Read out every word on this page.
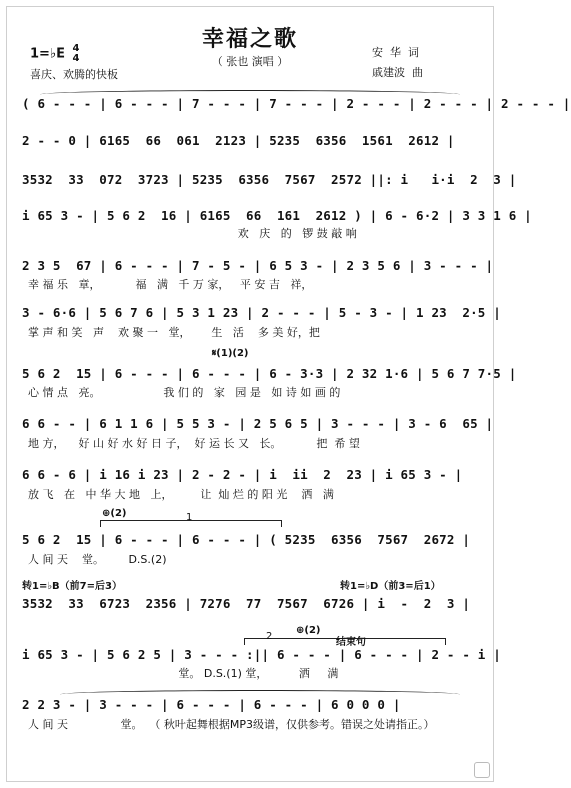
幸福之歌
（ 张也 演唱 ）
1=♭E 4
4
喜庆、欢腾的快板
安  华  词
戚建波  曲
( 6 - - - | 6 - - - | 7 - - - | 7 - - - | 2 - - - | 2 - - - | 2 - - - |
2 - - 0 | 6165  66  061  2123 | 5235  6356  1561  2612 |
3532  33  072  3723 | 5235  6356  7567  2572 ||: i   i·i  2  3 |
i 65 3 - | 5 6 2  16 | 6165  66  161  2612 ) | 6 - 6·2 | 3 3 1 6 |
欢   庆   的   锣 鼓 敲 响
2 3 5  67 | 6 - - - | 7 - 5 - | 6 5 3 - | 2 3 5 6 | 3 - - - |
幸 福 乐   章，          福   满   千 万 家，   平 安 吉   祥，
3 - 6·6 | 5 6 7 6 | 5 3 1 23 | 2 - - - | 5 - 3 - | 1 23  2·5 |
掌 声 和 笑   声    欢 聚 一   堂，      生   活    多 美 好，把
𝄋(1)(2)
5 6 2  15 | 6 - - - | 6 - - - | 6 - 3·3 | 2 32 1·6 | 5 6 7 7·5 |
心 情 点   亮。                  我 们 的   家   园 是   如 诗 如 画 的
6 6 - - | 6 1 1 6 | 5 5 3 - | 2 5 6 5 | 3 - - - | 3 - 6  65 |
地 方，    好 山 好 水 好 日 子，  好 运 长 又   长。          把  希 望
6 6 - 6 | i 16 i 23 | 2 - 2 - | i  ii  2  23 | i 65 3 - |
放 飞   在   中 华 大 地   上，        让  灿 烂 的 阳 光    洒   满
⊕(2)	1
5 6 2  15 | 6 - - - | 6 - - - | ( 5235  6356  7567  2672 |
人 间 天    堂。       D.S.(2)
转1=♭B（前7=后3）	转1=♭D（前3=后1）
3532  33  6723  2356 | 7276  77  7567  6726 | i  -  2  3 |
2
⊕(2)
结束句
i 65 3 - | 5 6 2 5 | 3 - - - :|| 6 - - - | 6 - - - | 2 - - i |
堂。 D.S.(1) 堂，         洒     满
2 2 3 - | 3 - - - | 6 - - - | 6 - - - | 6 0 0 0 |
人 间 天               堂。  （ 秋叶起舞根据MP3级谱，仅供参考。错误之处请指正。）
